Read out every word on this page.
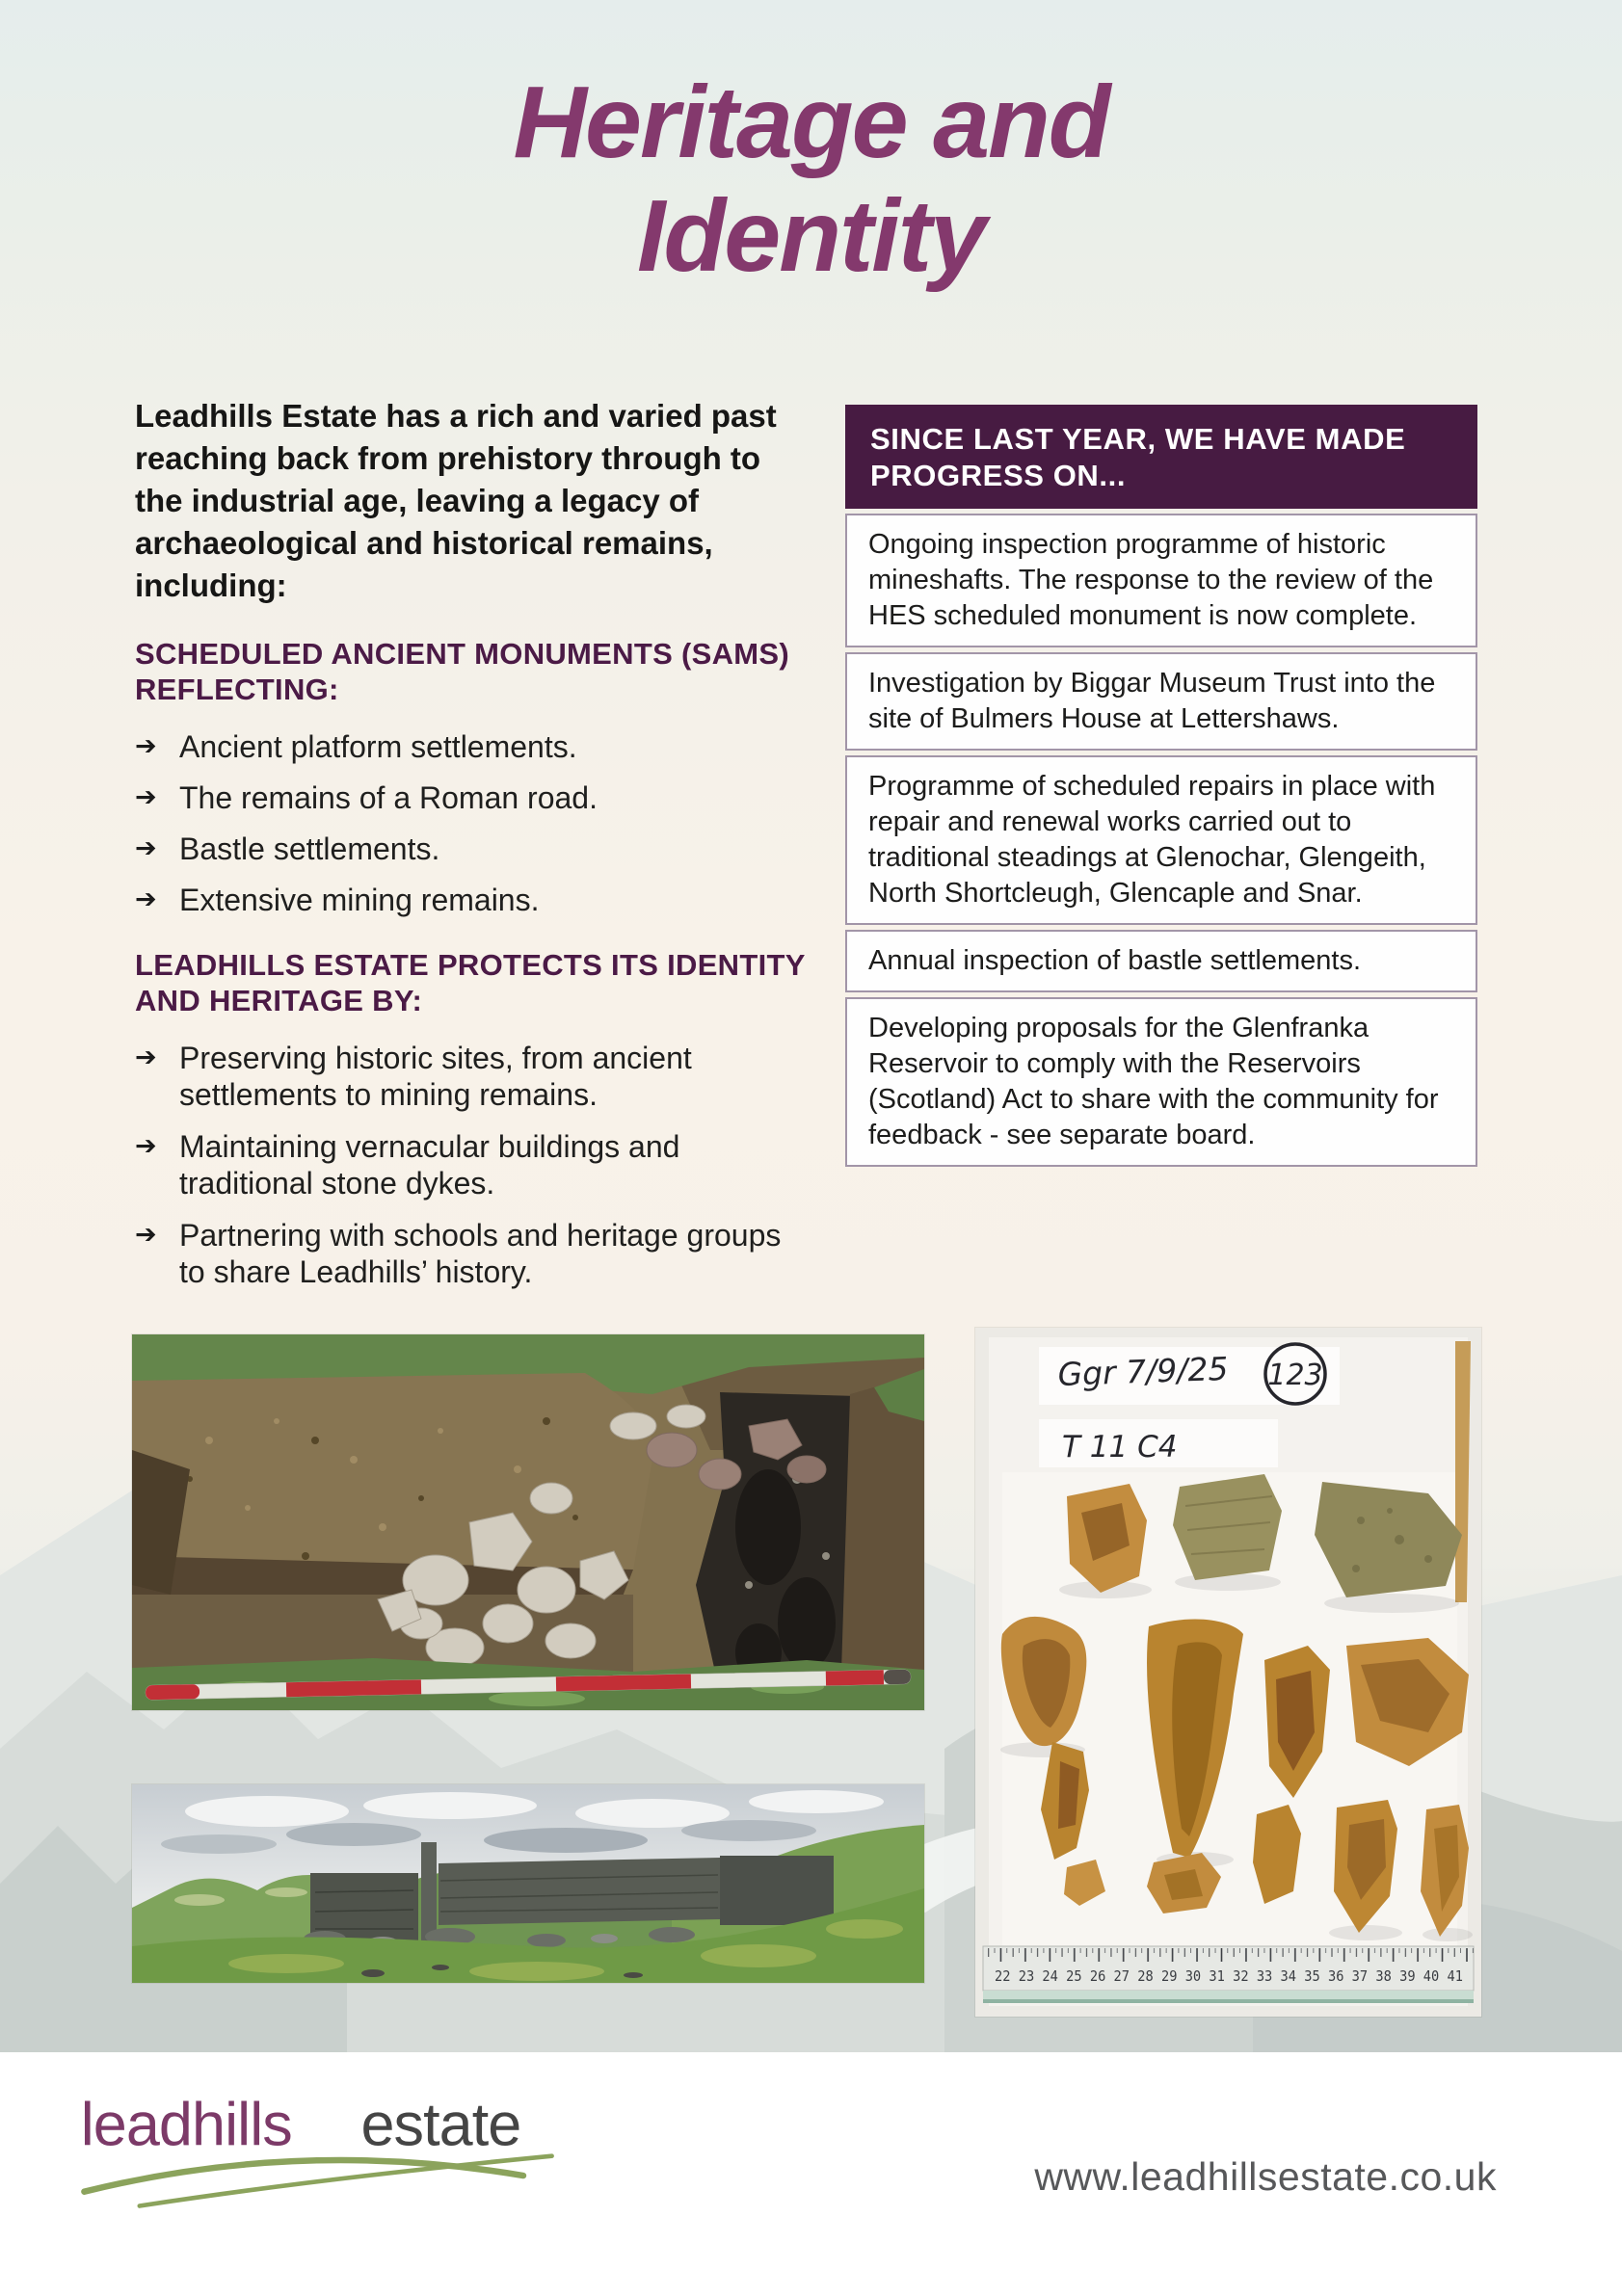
Heritage and
Identity

Leadhills Estate has a rich and varied past reaching back from prehistory through to the industrial age, leaving a legacy of archaeological and historical remains, including:

SCHEDULED ANCIENT MONUMENTS (SAMS) REFLECTING:
➔ Ancient platform settlements.
➔ The remains of a Roman road.
➔ Bastle settlements.
➔ Extensive mining remains.
LEADHILLS ESTATE PROTECTS ITS IDENTITY AND HERITAGE BY:
➔ Preserving historic sites, from ancient settlements to mining remains.
➔ Maintaining vernacular buildings and traditional stone dykes.
➔ Partnering with schools and heritage groups to share Leadhills’ history.
SINCE LAST YEAR, WE HAVE MADE PROGRESS ON...
Ongoing inspection programme of historic mineshafts. The response to the review of the HES scheduled monument is now complete.
Investigation by Biggar Museum Trust into the site of Bulmers House at Lettershaws.
Programme of scheduled repairs in place with repair and renewal works carried out to traditional steadings at Glenochar, Glengeith, North Shortcleugh, Glencaple and Snar.
Annual inspection of bastle settlements.
Developing proposals for the Glenfranka Reservoir to comply with the Reservoirs (Scotland) Act to share with the community for feedback - see separate board.
Ggr 7/9/25 123
T 11 C4
22 23 24 25 26 27 28 29 30 31 32 33 34 35 36 37 38 39 40 41
leadhills estate
www.leadhillsestate.co.uk
